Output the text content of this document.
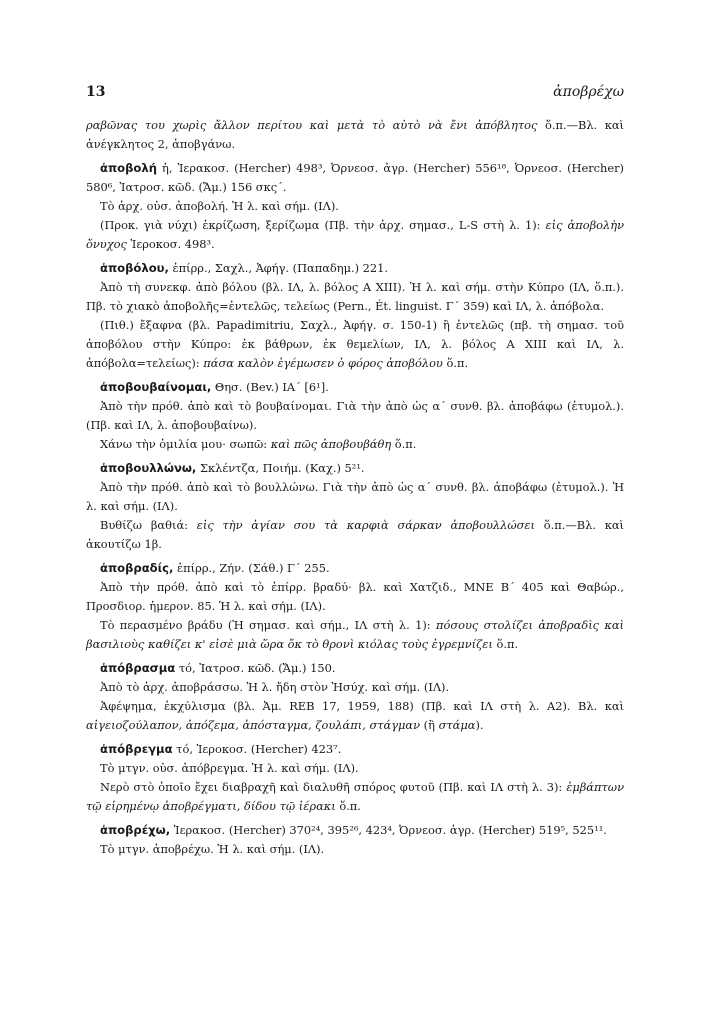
13	ἀποβρέχω

ραβῶνας του χωρὶς ἄλλον περίτου καὶ μετὰ τὸ αὐτὸ νὰ ἔνι ἀπόβλητος ὅ.π.—Βλ. καὶ ἀνέγκλητος 2, ἀποβγάνω.

ἀποβολή ἡ, Ἱερακοσ. (Hercher) 498³, Ὀρνεοσ. ἀγρ. (Hercher) 556¹⁸, Ὀρνεοσ. (Hercher) 580⁶, Ἰατροσ. κῶδ. (Ἄμ.) 156 σκς΄.

Τὸ ἀρχ. οὐσ. ἀποβολή. Ἡ λ. καὶ σήμ. (ΙΛ).

(Προκ. γιὰ νύχι) ἐκρίζωση, ξερίζωμα (Πβ. τὴν ἀρχ. σημασ., L-S στὴ λ. 1): εἰς ἀποβολὴν ὄνυχος Ἱεροκοσ. 498³.

ἀποβόλου, ἐπίρρ., Σαχλ., Ἀφήγ. (Παπαδημ.) 221.

Ἀπὸ τὴ συνεκφ. ἀπὸ βόλου (βλ. ΙΛ, λ. βόλος Α XIII). Ἡ λ. καὶ σήμ. στὴν Κύπρο (ΙΛ, ὅ.π.). Πβ. τὸ χιακὸ ἀποβολῆς=ἐντελῶς, τελείως (Pern., Ét. linguist. Γ΄ 359) καὶ ΙΛ, λ. ἀπόβολα.

(Πιθ.) ἔξαφνα (βλ. Papadimitriu, Σαχλ., Ἀφήγ. σ. 150-1) ἢ ἐντελῶς (πβ. τὴ σημασ. τοῦ ἀποβόλου στὴν Κύπρο: ἐκ βάθρων, ἐκ θεμελίων, ΙΛ, λ. βόλος Α XIII καὶ ΙΛ, λ. ἀπόβολα=τελείως): πάσα καλὸν ἐγέμωσεν ὁ φόρος ἀποβόλου ὅ.π.

ἀποβουβαίνομαι, Θησ. (Bev.) ΙΑ΄ [6¹].

Ἀπὸ τὴν πρόθ. ἀπὸ καὶ τὸ βουβαίνομαι. Γιὰ τὴν ἀπὸ ὡς α΄ συνθ. βλ. ἀποβάφω (ἐτυμολ.). (Πβ. καὶ ΙΛ, λ. ἀποβουβαίνω).

Χάνω τὴν ὁμιλία μου· σωπῶ: καὶ πῶς ἀποβουβάθη ὅ.π.

ἀποβουλλώνω, Σκλέντζα, Ποιήμ. (Καχ.) 5²¹.

Ἀπὸ τὴν πρόθ. ἀπὸ καὶ τὸ βουλλώνω. Γιὰ τὴν ἀπὸ ὡς α΄ συνθ. βλ. ἀποβάφω (ἐτυμολ.). Ἡ λ. καὶ σήμ. (ΙΛ).

Βυθίζω βαθιά: εἰς τὴν ἁγίαν σου τὰ καρφιὰ σάρκαν ἀποβουλλώσει ὅ.π.—Βλ. καὶ ἀκουτίζω 1β.

ἀποβραδίς, ἐπίρρ., Ζήν. (Σάθ.) Γ΄ 255.

Ἀπὸ τὴν πρόθ. ἀπὸ καὶ τὸ ἐπίρρ. βραδύ· βλ. καὶ Χατζιδ., ΜΝΕ Β΄ 405 καὶ Θαβώρ., Προσδιορ. ἡμερον. 85. Ἡ λ. καὶ σήμ. (ΙΛ).

Τὸ περασμένο βράδυ (Ἡ σημασ. καὶ σήμ., ΙΛ στὴ λ. 1): πόσους στολίζει ἀποβραδὶς καὶ βασιλιοὺς καθίζει κ' εἰσὲ μιὰ ὥρα ὄκ τὸ θρονὶ κιόλας τοὺς ἐγρεμνίζει ὅ.π.

ἀπόβρασμα τό, Ἰατροσ. κῶδ. (Ἄμ.) 150.

Ἀπὸ τὸ ἀρχ. ἀποβράσσω. Ἡ λ. ἤδη στὸν Ἡσύχ. καὶ σήμ. (ΙΛ).

Ἀφέψημα, ἐκχύλισμα (βλ. Ἀμ. REB 17, 1959, 188) (Πβ. καὶ ΙΛ στὴ λ. Α2). Βλ. καὶ αἰγειοζούλαπον, ἀπόζεμα, ἀπόσταγμα, ζουλάπι, στάγμαν (ἢ στάμα).

ἀπόβρεγμα τό, Ἱεροκοσ. (Hercher) 423⁷.

Τὸ μτγν. οὐσ. ἀπόβρεγμα. Ἡ λ. καὶ σήμ. (ΙΛ).

Νερὸ στὸ ὁποῖο ἔχει διαβραχῆ καὶ διαλυθῆ σπόρος φυτοῦ (Πβ. καὶ ΙΛ στὴ λ. 3): ἐμβάπτων τῷ εἰρημένῳ ἀποβρέγματι, δίδου τῷ ἱέρακι ὅ.π.

ἀποβρέχω, Ἱερακοσ. (Hercher) 370²⁴, 395²⁶, 423⁴, Ὀρνεοσ. ἀγρ. (Hercher) 519⁵, 525¹¹.

Τὸ μτγν. ἀποβρέχω. Ἡ λ. καὶ σήμ. (ΙΛ).
